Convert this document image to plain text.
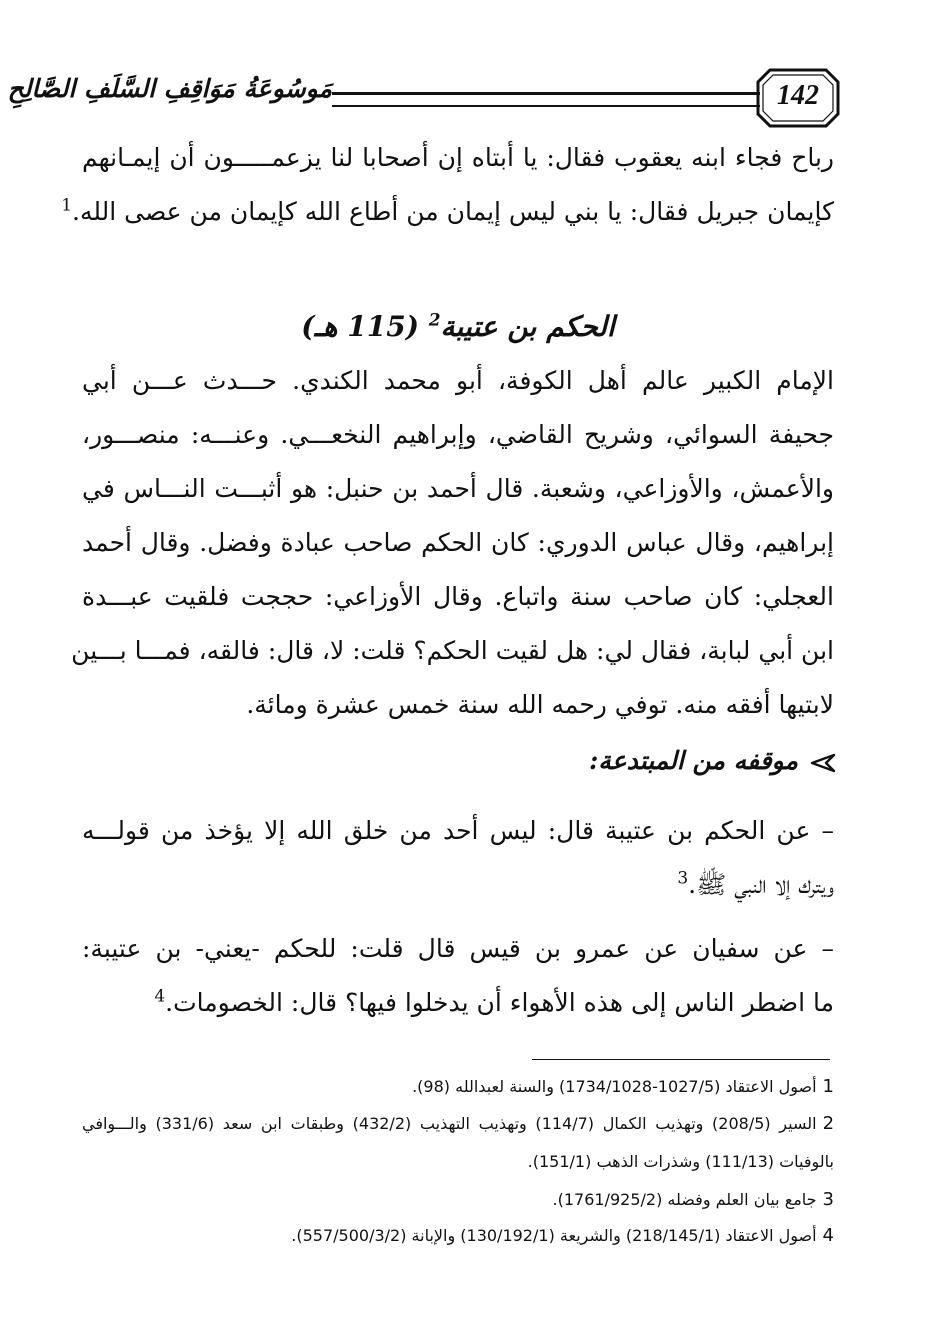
مَوسُوعَةُ مَوَاقِفِ السَّلَفِ الصَّالِحِ	142
رباح فجاء ابنه يعقوب فقال: يا أبتاه إن أصحابا لنا يزعمـــــون أن إيمـانهم
كإيمان جبريل فقال: يا بني ليس إيمان من أطاع الله كإيمان من عصى الله.$^1$
الحكم بن عتيبة$^2$ (115 هـ)
الإمام الكبير عالم أهل الكوفة، أبو محمد الكندي. حـــدث عـــن أبي
جحيفة السوائي، وشريح القاضي، وإبراهيم النخعـــي. وعنـــه: منصـــور،
والأعمش، والأوزاعي، وشعبة. قال أحمد بن حنبل: هو أثبـــت النـــاس في
إبراهيم، وقال عباس الدوري: كان الحكم صاحب عبادة وفضل. وقال أحمد
العجلي: كان صاحب سنة واتباع. وقال الأوزاعي: حججت فلقيت عبـــدة
ابن أبي لبابة، فقال لي: هل لقيت الحكم؟ قلت: لا، قال: فالقه، فمـــا بـــين
لابتيها أفقه منه. توفي رحمه الله سنة خمس عشرة ومائة.
موقفه من المبتدعة:
– عن الحكم بن عتيبة قال: ليس أحد من خلق الله إلا يؤخذ من قولـــه
ويترك إلا النبي ﷺ.$^3$
– عن سفيان عن عمرو بن قيس قال قلت: للحكم -يعني- بن عتيبة:
ما اضطر الناس إلى هذه الأهواء أن يدخلوا فيها؟ قال: الخصومات.$^4$
1أصول الاعتقاد (1027/5-1734/1028) والسنة لعبدالله (98).
2السير (208/5) وتهذيب الكمال (114/7) وتهذيب التهذيب (432/2) وطبقات ابن سعد (331/6) والـــوافي
بالوفيات (111/13) وشذرات الذهب (151/1).
3جامع بيان العلم وفضله (1761/925/2).
4أصول الاعتقاد (218/145/1) والشريعة (130/192/1) والإبانة (557/500/3/2).
